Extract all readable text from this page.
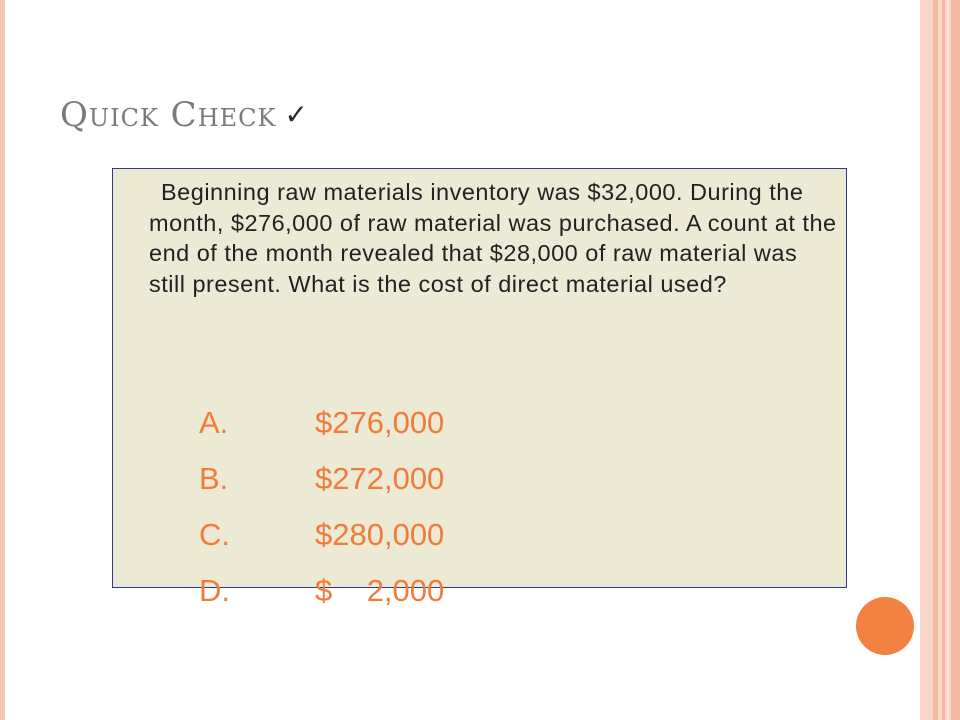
Quick Check ✓
Beginning raw materials inventory was $32,000. During the month, $276,000 of raw material was purchased. A count at the end of the month revealed that $28,000 of raw material was still present. What is the cost of direct material used?
A.	$276,000
B.	$272,000
C.	$280,000
D.	$    2,000
